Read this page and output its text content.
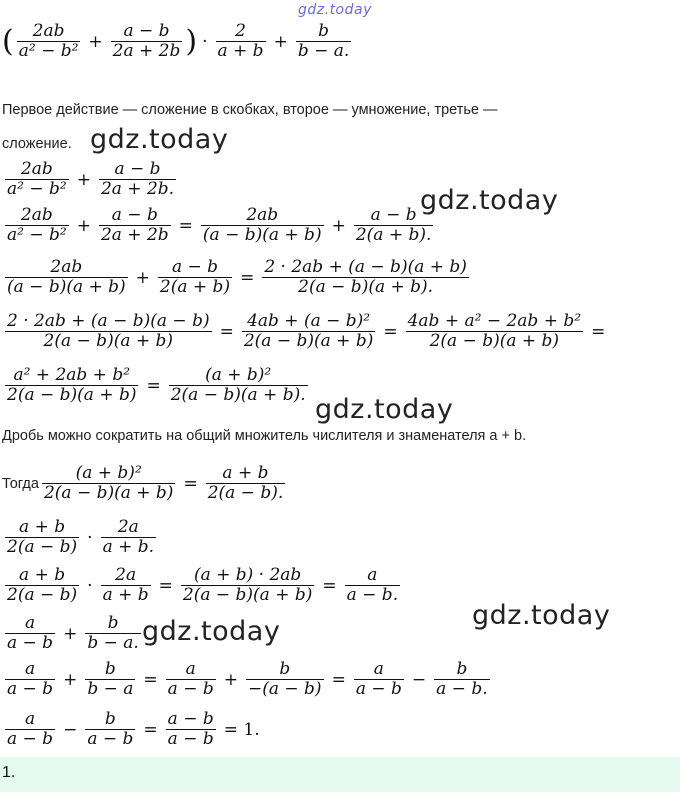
gdz.today
( $\frac{2ab}{\text{a² − b²}} + \frac{a - b}{2a + 2b}$ ) · $\frac{2}{a + b} + \frac{b}{b - a.}$
Первое действие — сложение в скобках, второе — умножение, третье —
сложение. gdz.today
$\frac{2ab}{\text{a² − b²}} + \frac{a - b}{2a + 2b.}$
gdz.today
$\frac{2ab}{\text{a² − b²}} + \frac{a - b}{2a + 2b} = \frac{2ab}{(a - b)(a + b)} + \frac{a - b}{2(a + b).}$
$\frac{2ab}{(a - b)(a + b)} + \frac{a - b}{2(a + b)} = \frac{2 \cdot 2ab + (a - b)(a + b)}{2(a - b)(a + b).}$
$\frac{2 \cdot 2ab + (a - b)(a - b)}{2(a - b)(a + b)} = \frac{\text{4ab + (a − b)²}}{2(a - b)(a + b)} = \frac{\text{4ab + a² − 2ab + b²}}{2(a - b)(a + b)}$ =
$\frac{\text{a² + 2ab + b²}}{2(a - b)(a + b)} = \frac{\text{(a + b)²}}{2(a - b)(a + b).}$
gdz.today
Дробь можно сократить на общий множитель числителя и знаменателя a + b.
Тогда $\frac{\text{(a + b)²}}{2(a - b)(a + b)} = \frac{a + b}{2(a - b).}$
$\frac{a + b}{2(a - b)} \cdot \frac{2a}{a + b.}$
$\frac{a + b}{2(a - b)} \cdot \frac{2a}{a + b} = \frac{(a + b) \cdot 2ab}{2(a - b)(a + b)} = \frac{a}{a - b.}$
gdz.today
$\frac{a}{a - b} + \frac{b}{b - a.}$ gdz.today
$\frac{a}{a - b} + \frac{b}{b - a} = \frac{a}{a - b} + \frac{b}{-(a - b)} = \frac{a}{a - b} - \frac{b}{a - b.}$
$\frac{a}{a - b} - \frac{b}{a - b} = \frac{a - b}{a - b} = 1$.
1.
